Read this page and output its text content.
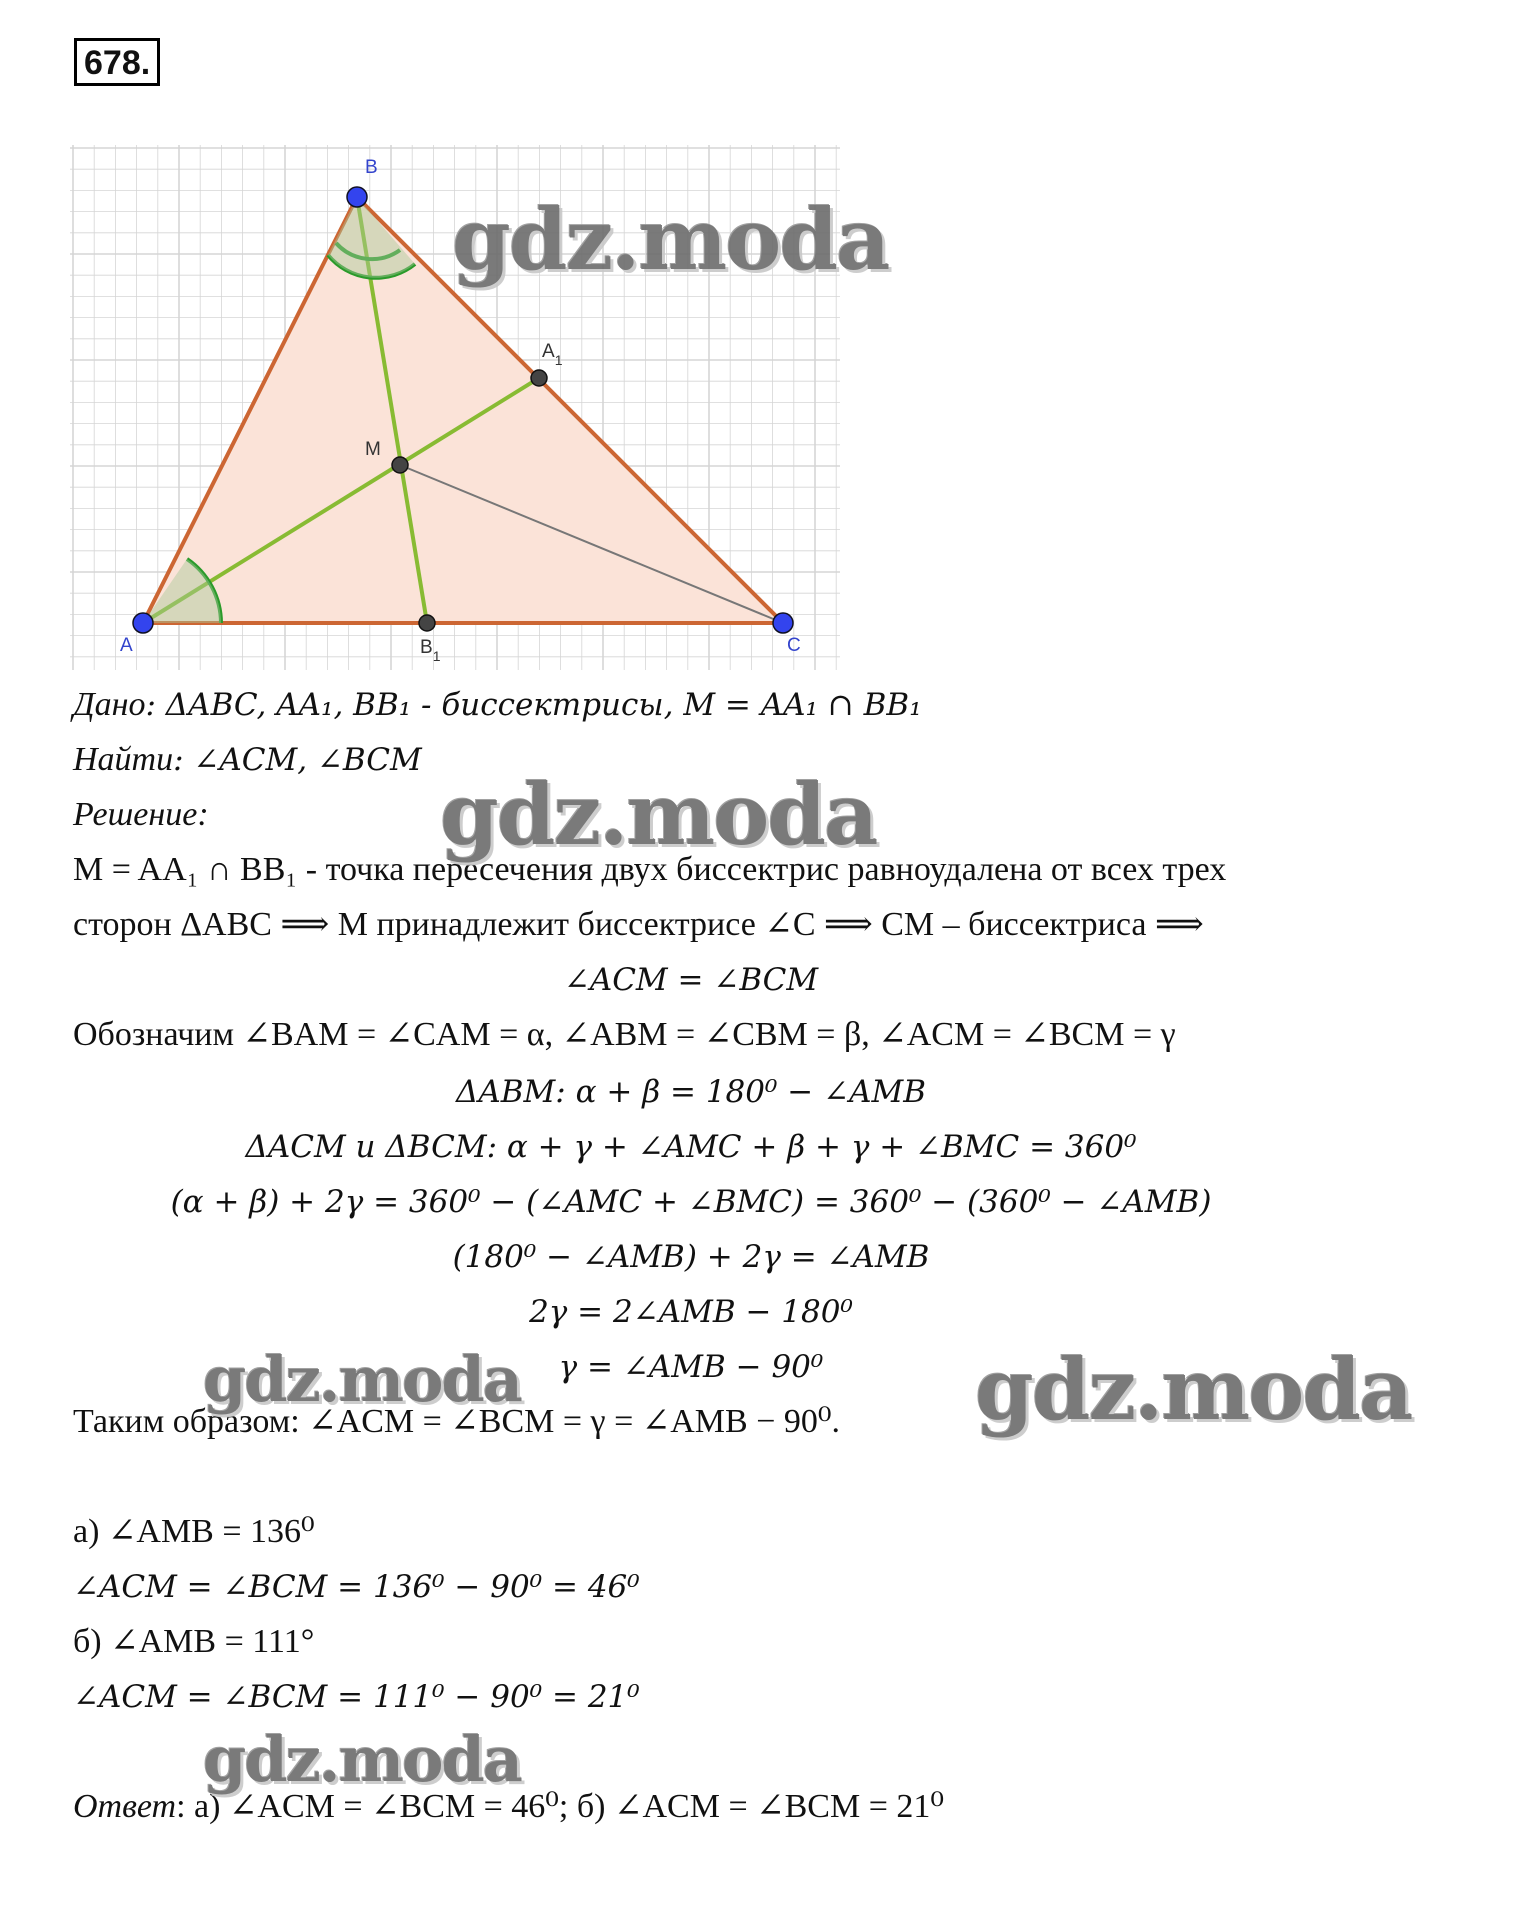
678.
A
B
C
M
$A_1$
$B_1$
Дано: ΔABC, AA₁, BB₁ - биссектрисы, M = AA₁ ∩ BB₁
Найти: ∠ACM, ∠BCM
Решение:
M = AA₁ ∩ BB₁ - точка пересечения двух биссектрис равноудалена от всех трех
сторон ΔABC ⟹ M принадлежит биссектрисе ∠C ⟹ CM – биссектриса ⟹
∠ACM = ∠BCM
Обозначим ∠BAM = ∠CAM = α, ∠ABM = ∠CBM = β, ∠ACM = ∠BCM = γ
ΔABM: α + β = 180⁰ − ∠AMB
ΔACM и ΔBCM: α + γ + ∠AMC + β + γ + ∠BMC = 360⁰
(α + β) + 2γ = 360⁰ − (∠AMC + ∠BMC) = 360⁰ − (360⁰ − ∠AMB)
(180⁰ − ∠AMB) + 2γ = ∠AMB
2γ = 2∠AMB − 180⁰
γ = ∠AMB − 90⁰
Таким образом: ∠ACM = ∠BCM = γ = ∠AMB − 90⁰.
а) ∠AMB = 136⁰
∠ACM = ∠BCM = 136⁰ − 90⁰ = 46⁰
б) ∠AMB = 111°
∠ACM = ∠BCM = 111⁰ − 90⁰ = 21⁰
Ответ: а) ∠ACM = ∠BCM = 46⁰; б) ∠ACM = ∠BCM = 21⁰
gdz.moda
gdz.moda
gdz.moda	gdz.moda
gdz.moda
